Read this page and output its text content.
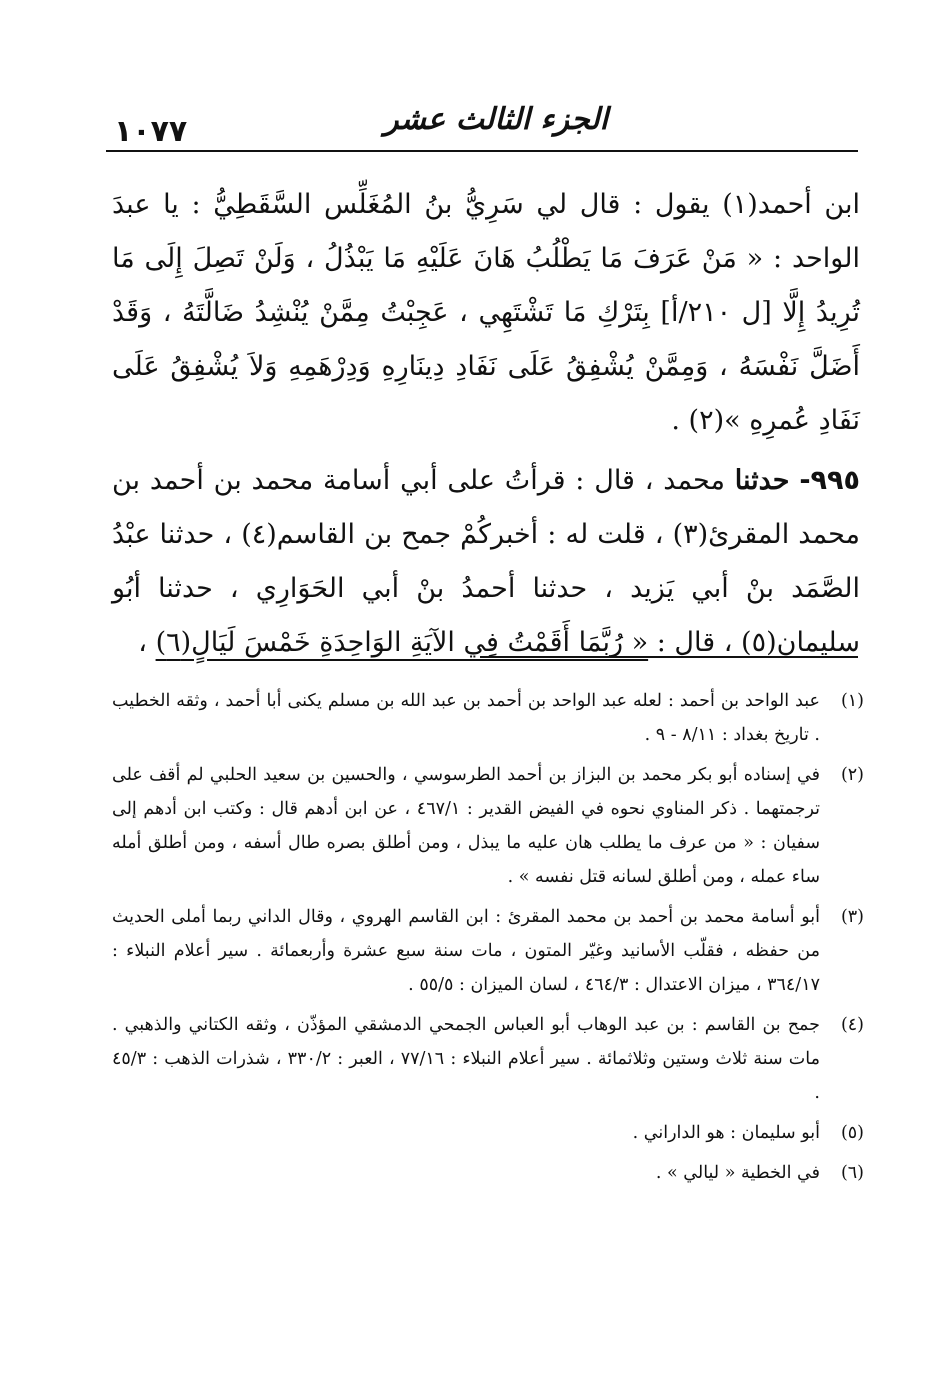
١٠٧٧	الجزء الثالث عشر

ابن أحمد(١) يقول : قال لي سَرِيُّ بنُ المُغَلِّس السَّقَطِيُّ : يا عبدَ الواحد : « مَنْ عَرَفَ مَا يَطْلُبُ هَانَ عَلَيْهِ مَا يَبْذُلُ ، وَلَنْ تَصِلَ إِلَى مَا تُرِيدُ إِلَّا [ل ٢١٠/أ] بِتَرْكِ مَا تَشْتَهِي ، عَجِبْتُ مِمَّنْ يُنْشِدُ ضَالَّتَهُ ، وَقَدْ أَضَلَّ نَفْسَهُ ، وَمِمَّنْ يُشْفِقُ عَلَى نَفَادِ دِينَارِهِ وَدِرْهَمِهِ وَلاَ يُشْفِقُ عَلَى نَفَادِ عُمرِهِ »(٢) .

٩٩٥- حدثنا محمد ، قال : قرأتُ على أبي أسامة محمد بن أحمد بن محمد المقرئ(٣) ، قلت له : أخبركُمْ جمح بن القاسم(٤) ، حدثنا عبْدُ الصَّمَد بنْ أبي يَزيد ، حدثنا أحمدُ بنْ أبي الحَوَارِي ، حدثنا أبُو سليمان(٥) ، قال : « رُبَّمَا أَقَمْتُ فِي الآيَةِ الوَاحِدَةِ خَمْسَ لَيَالٍ(٦) ،

(١)
عبد الواحد بن أحمد : لعله عبد الواحد بن أحمد بن عبد الله بن مسلم يكنى أبا أحمد ، وثقه الخطيب . تاريخ بغداد : ٨/١١ - ٩ .
(٢)
في إسناده أبو بكر محمد بن البزاز بن أحمد الطرسوسي ، والحسين بن سعيد الحلبي لم أقف على ترجمتهما . ذكر المناوي نحوه في الفيض القدير : ٤٦٧/١ ، عن ابن أدهم قال : وكتب ابن أدهم إلى سفيان : « من عرف ما يطلب هان عليه ما يبذل ، ومن أطلق بصره طال أسفه ، ومن أطلق أمله ساء عمله ، ومن أطلق لسانه قتل نفسه » .
(٣)
أبو أسامة محمد بن أحمد بن محمد المقرئ : ابن القاسم الهروي ، وقال الداني ربما أملى الحديث من حفظه ، فقلّب الأسانيد وغيّر المتون ، مات سنة سبع عشرة وأربعمائة . سير أعلام النبلاء : ٣٦٤/١٧ ، ميزان الاعتدال : ٤٦٤/٣ ، لسان الميزان : ٥٥/٥ .
(٤)
جمح بن القاسم : بن عبد الوهاب أبو العباس الجمحي الدمشقي المؤذّن ، وثقه الكتاني والذهبي . مات سنة ثلاث وستين وثلاثمائة . سير أعلام النبلاء : ٧٧/١٦ ، العبر : ٣٣٠/٢ ، شذرات الذهب : ٤٥/٣ .
(٥)
أبو سليمان : هو الداراني .
(٦)
في الخطية « ليالي » .
